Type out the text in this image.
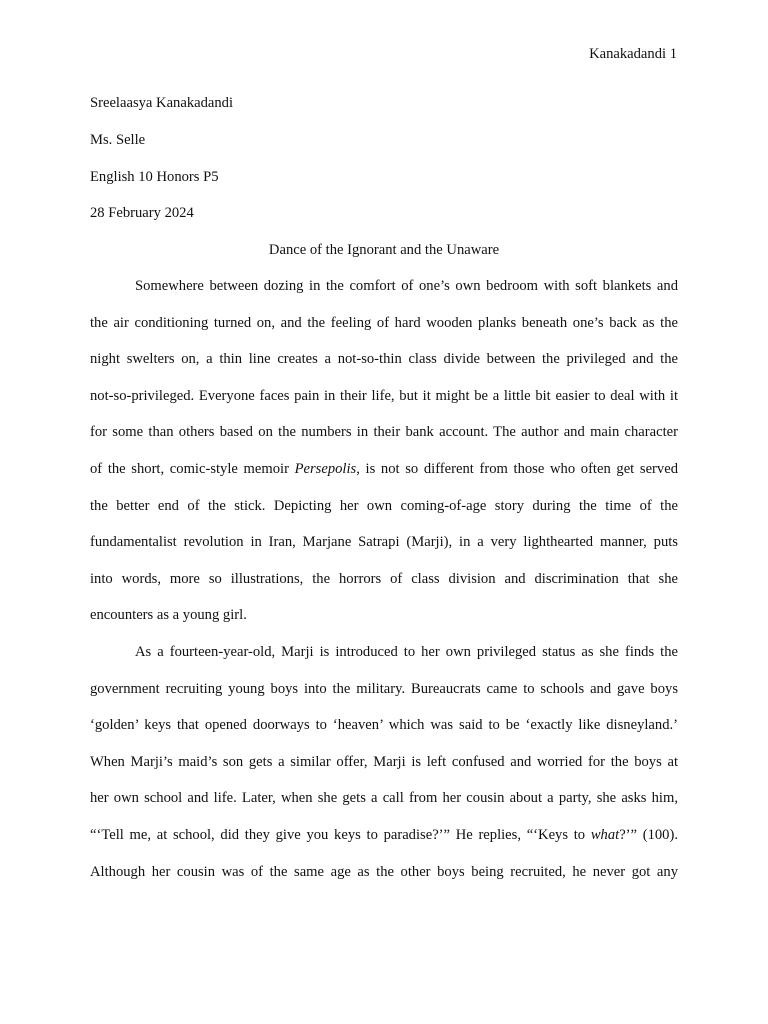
Kanakadandi 1
Sreelaasya Kanakadandi
Ms. Selle
English 10 Honors P5
28 February 2024
Dance of the Ignorant and the Unaware
Somewhere between dozing in the comfort of one’s own bedroom with soft blankets and
the air conditioning turned on, and the feeling of hard wooden planks beneath one’s back as the
night swelters on, a thin line creates a not-so-thin class divide between the privileged and the
not-so-privileged. Everyone faces pain in their life, but it might be a little bit easier to deal with it
for some than others based on the numbers in their bank account. The author and main character
of the short, comic-style memoir Persepolis, is not so different from those who often get served
the better end of the stick. Depicting her own coming-of-age story during the time of the
fundamentalist revolution in Iran, Marjane Satrapi (Marji), in a very lighthearted manner, puts
into words, more so illustrations, the horrors of class division and discrimination that she
encounters as a young girl.
As a fourteen-year-old, Marji is introduced to her own privileged status as she finds the
government recruiting young boys into the military. Bureaucrats came to schools and gave boys
‘golden’ keys that opened doorways to ‘heaven’ which was said to be ‘exactly like disneyland.’
When Marji’s maid’s son gets a similar offer, Marji is left confused and worried for the boys at
her own school and life. Later, when she gets a call from her cousin about a party, she asks him,
“‘Tell me, at school, did they give you keys to paradise?’” He replies, “‘Keys to what?’” (100).
Although her cousin was of the same age as the other boys being recruited, he never got any
